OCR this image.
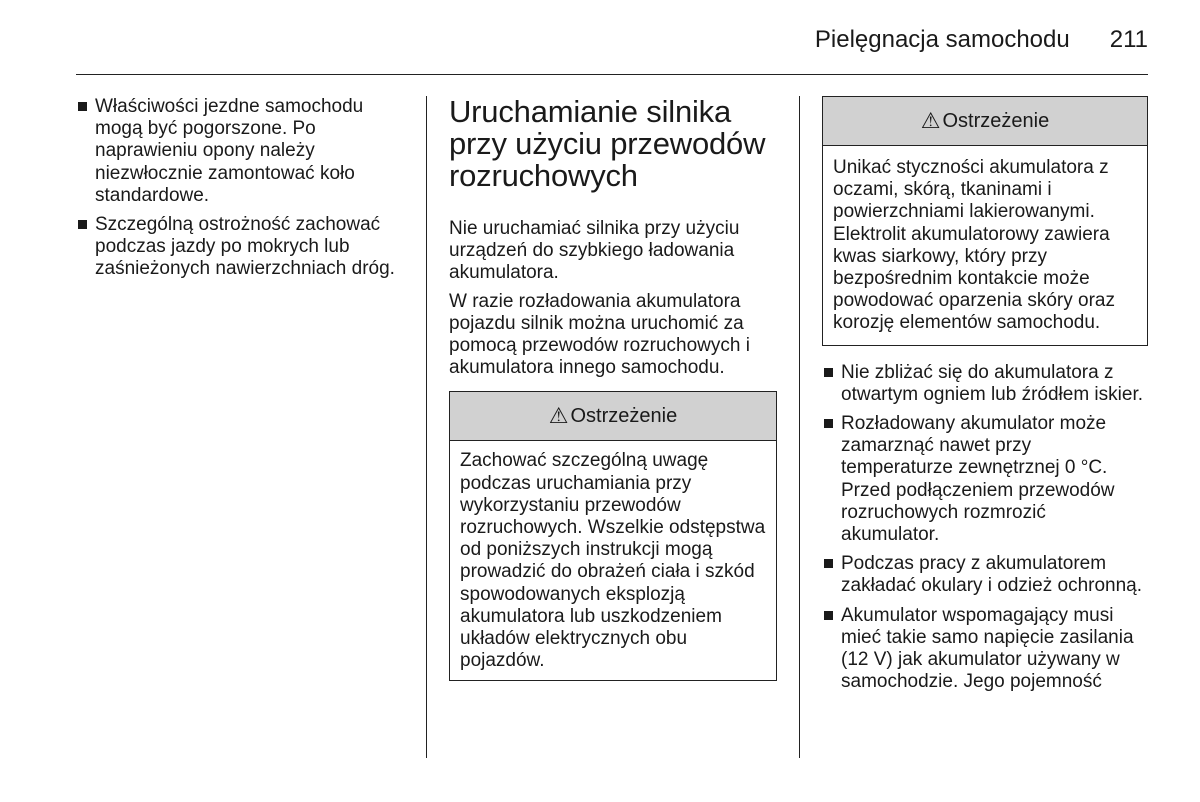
Pielęgnacja samochodu 211
Właściwości jezdne samochodu mogą być pogorszone. Po naprawieniu opony należy niezwłocznie zamontować koło standardowe.
Szczególną ostrożność zachować podczas jazdy po mokrych lub zaśnieżonych nawierzchniach dróg.
Uruchamianie silnika przy użyciu przewodów rozruchowych

Nie uruchamiać silnika przy użyciu urządzeń do szybkiego ładowania akumulatora.

W razie rozładowania akumulatora pojazdu silnik można uruchomić za pomocą przewodów rozruchowych i akumulatora innego samochodu.

⚠ Ostrzeżenie
Zachować szczególną uwagę podczas uruchamiania przy wykorzystaniu przewodów rozruchowych. Wszelkie odstępstwa od poniższych instrukcji mogą prowadzić do obrażeń ciała i szkód spowodowanych eksplozją akumulatora lub uszkodzeniem układów elektrycznych obu pojazdów.
⚠ Ostrzeżenie
Unikać styczności akumulatora z oczami, skórą, tkaninami i powierzchniami lakierowanymi. Elektrolit akumulatorowy zawiera kwas siarkowy, który przy bezpośrednim kontakcie może powodować oparzenia skóry oraz korozję elementów samochodu.
Nie zbliżać się do akumulatora z otwartym ogniem lub źródłem iskier.
Rozładowany akumulator może zamarznąć nawet przy temperaturze zewnętrznej 0 °C. Przed podłączeniem przewodów rozruchowych rozmrozić akumulator.
Podczas pracy z akumulatorem zakładać okulary i odzież ochronną.
Akumulator wspomagający musi mieć takie samo napięcie zasilania (12 V) jak akumulator używany w samochodzie. Jego pojemność
